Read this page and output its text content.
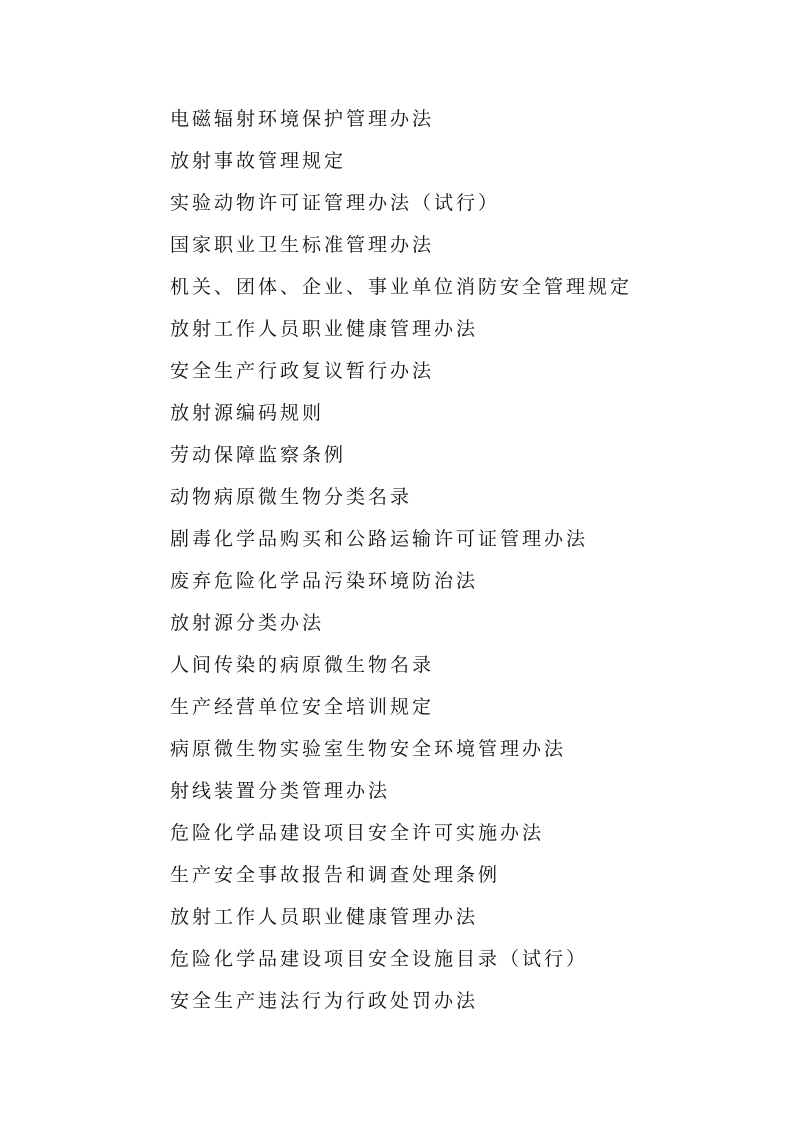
电磁辐射环境保护管理办法
放射事故管理规定
实验动物许可证管理办法（试行）
国家职业卫生标准管理办法
机关、团体、企业、事业单位消防安全管理规定
放射工作人员职业健康管理办法
安全生产行政复议暂行办法
放射源编码规则
劳动保障监察条例
动物病原微生物分类名录
剧毒化学品购买和公路运输许可证管理办法
废弃危险化学品污染环境防治法
放射源分类办法
人间传染的病原微生物名录
生产经营单位安全培训规定
病原微生物实验室生物安全环境管理办法
射线装置分类管理办法
危险化学品建设项目安全许可实施办法
生产安全事故报告和调查处理条例
放射工作人员职业健康管理办法
危险化学品建设项目安全设施目录（试行）
安全生产违法行为行政处罚办法
